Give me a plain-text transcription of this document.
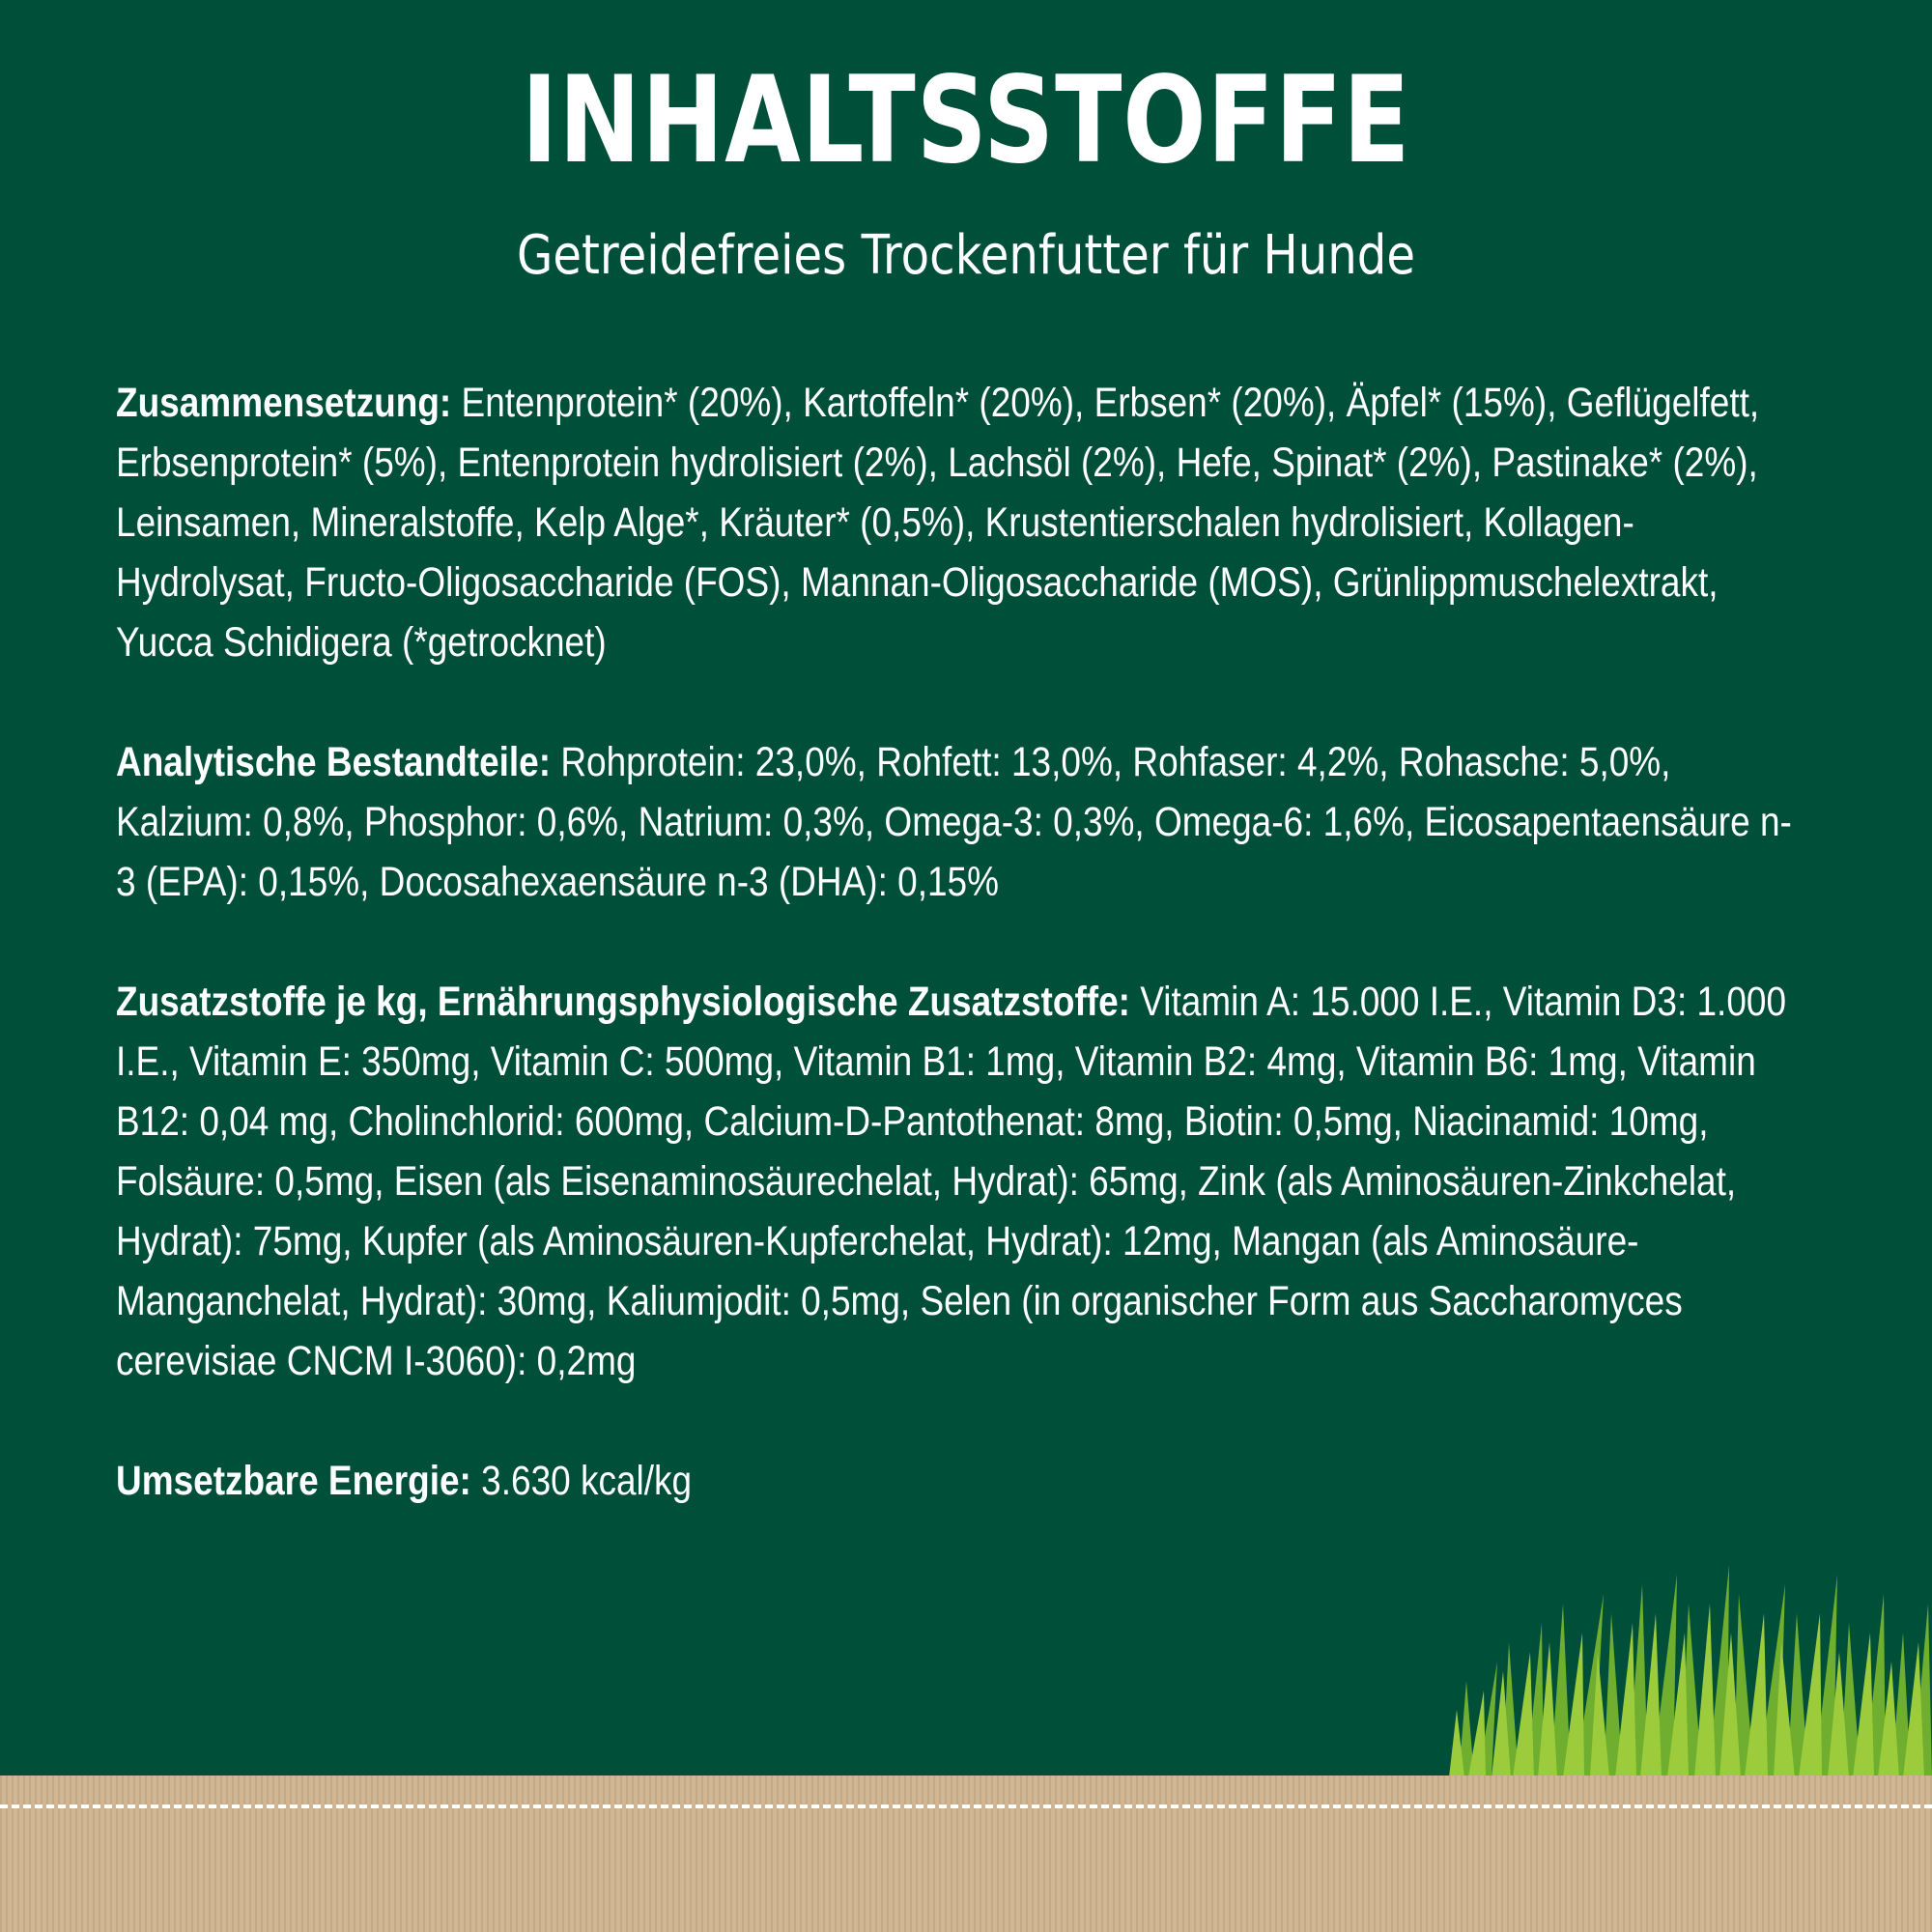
INHALTSSTOFFE
Getreidefreies Trockenfutter für Hunde

Zusammensetzung: Entenprotein* (20%), Kartoffeln* (20%), Erbsen* (20%), Äpfel* (15%), Geflügelfett, Erbsenprotein* (5%), Entenprotein hydrolisiert (2%), Lachsöl (2%), Hefe, Spinat* (2%), Pastinake* (2%), Leinsamen, Mineralstoffe, Kelp Alge*, Kräuter* (0,5%), Krustentierschalen hydrolisiert, Kollagen-Hydrolysat, Fructo-Oligosaccharide (FOS), Mannan-Oligosaccharide (MOS), Grünlippmuschelextrakt, Yucca Schidigera (*getrocknet)

Analytische Bestandteile: Rohprotein: 23,0%, Rohfett: 13,0%, Rohfaser: 4,2%, Rohasche: 5,0%, Kalzium: 0,8%, Phosphor: 0,6%, Natrium: 0,3%, Omega-3: 0,3%, Omega-6: 1,6%, Eicosapentaensäure n-3 (EPA): 0,15%, Docosahexaensäure n-3 (DHA): 0,15%

Zusatzstoffe je kg, Ernährungsphysiologische Zusatzstoffe: Vitamin A: 15.000 I.E., Vitamin D3: 1.000 I.E., Vitamin E: 350mg, Vitamin C: 500mg, Vitamin B1: 1mg, Vitamin B2: 4mg, Vitamin B6: 1mg, Vitamin B12: 0,04 mg, Cholinchlorid: 600mg, Calcium-D-Pantothenat: 8mg, Biotin: 0,5mg, Niacinamid: 10mg, Folsäure: 0,5mg, Eisen (als Eisenaminosäurechelat, Hydrat): 65mg, Zink (als Aminosäuren-Zinkchelat, Hydrat): 75mg, Kupfer (als Aminosäuren-Kupferchelat, Hydrat): 12mg, Mangan (als Aminosäure-Manganchelat, Hydrat): 30mg, Kaliumjodit: 0,5mg, Selen (in organischer Form aus Saccharomyces cerevisiae CNCM I-3060): 0,2mg

Umsetzbare Energie: 3.630 kcal/kg
